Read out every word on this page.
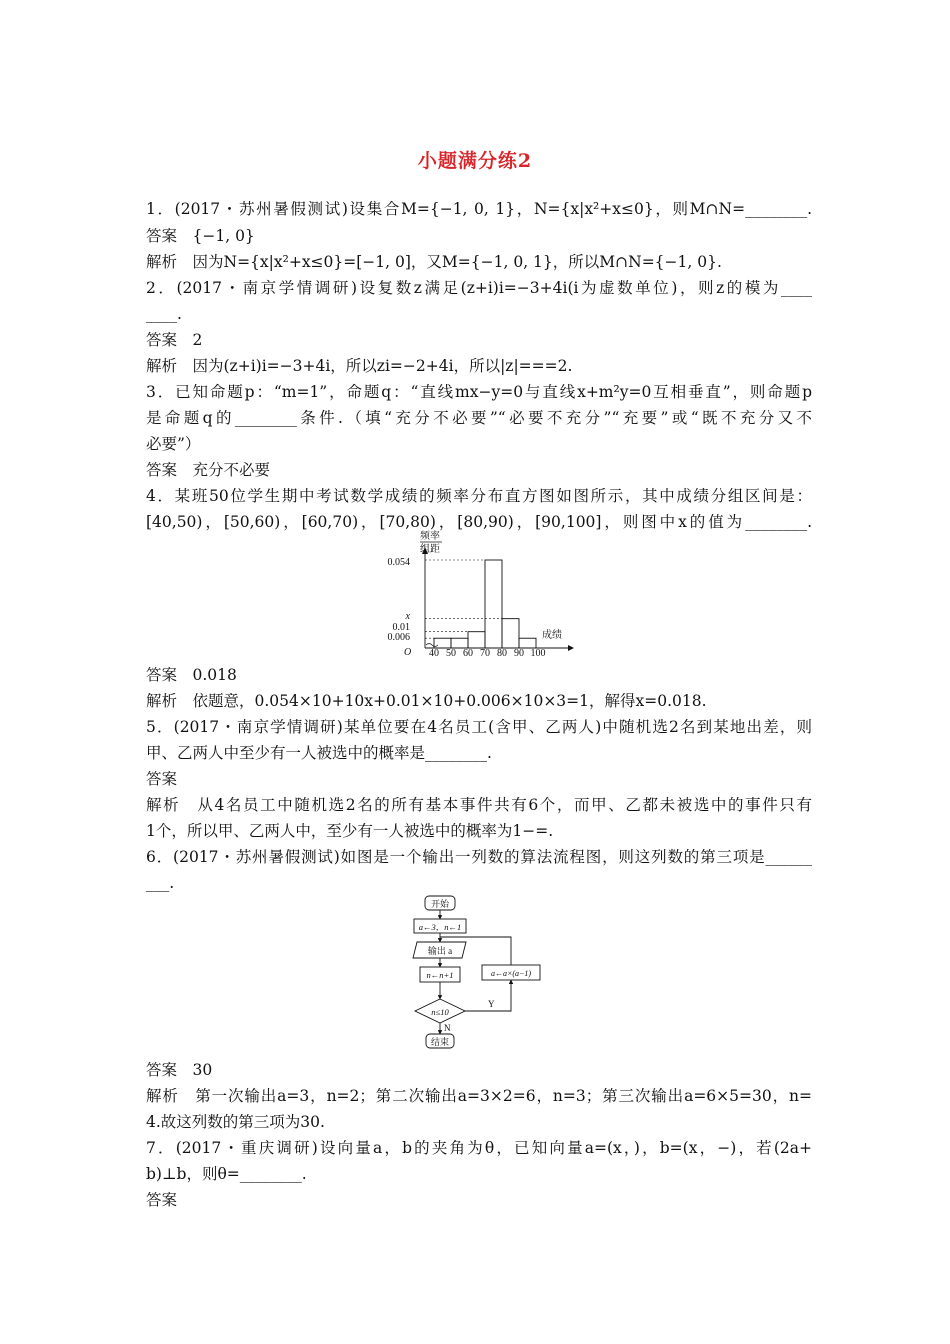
小题满分练2
1．(2017・苏州暑假测试)设集合M={−1, 0, 1}，N={x|x²+x≤0}，则M∩N=________.
答案　{−1, 0}
解析　因为N={x|x²+x≤0}=[−1, 0]，又M={−1, 0, 1}，所以M∩N={−1, 0}.
2．(2017・南京学情调研)设复数z满足(z+i)i=−3+4i(i为虚数单位)，则z的模为____
____.
答案　2
解析　因为(z+i)i=−3+4i，所以zi=−2+4i，所以|z|===2.
3．已知命题p：“m=1”，命题q：“直线mx−y=0与直线x+m²y=0互相垂直”，则命题p
是命题q的________条件.（填“充分不必要”“必要不充分”“充要”或“既不充分又不
必要”）
答案　充分不必要
4．某班50位学生期中考试数学成绩的频率分布直方图如图所示，其中成绩分组区间是：
[40,50)，[50,60)，[60,70)，[70,80)，[80,90)，[90,100]，则图中x的值为________.
频率
组距
成绩
O
0.054
x
0.01
0.006
40 50 60 70 80 90 100
答案　0.018
解析　依题意，0.054×10+10x+0.01×10+0.006×10×3=1，解得x=0.018.
5．(2017・南京学情调研)某单位要在4名员工(含甲、乙两人)中随机选2名到某地出差，则
甲、乙两人中至少有一人被选中的概率是________.
答案
解析　从4名员工中随机选2名的所有基本事件共有6个，而甲、乙都未被选中的事件只有
1个，所以甲、乙两人中，至少有一人被选中的概率为1−=.
6．(2017・苏州暑假测试)如图是一个输出一列数的算法流程图，则这列数的第三项是______
___.
开始
a←3，n←1
输出 a
n←n+1
n≤10
结束
a←a×(a−1)
Y
N
答案　30
解析　第一次输出a=3，n=2；第二次输出a=3×2=6，n=3；第三次输出a=6×5=30，n=
4.故这列数的第三项为30.
7．(2017・重庆调研)设向量a，b的夹角为θ，已知向量a=(x，)，b=(x，−)，若(2a+
b)⊥b，则θ=________.
答案
